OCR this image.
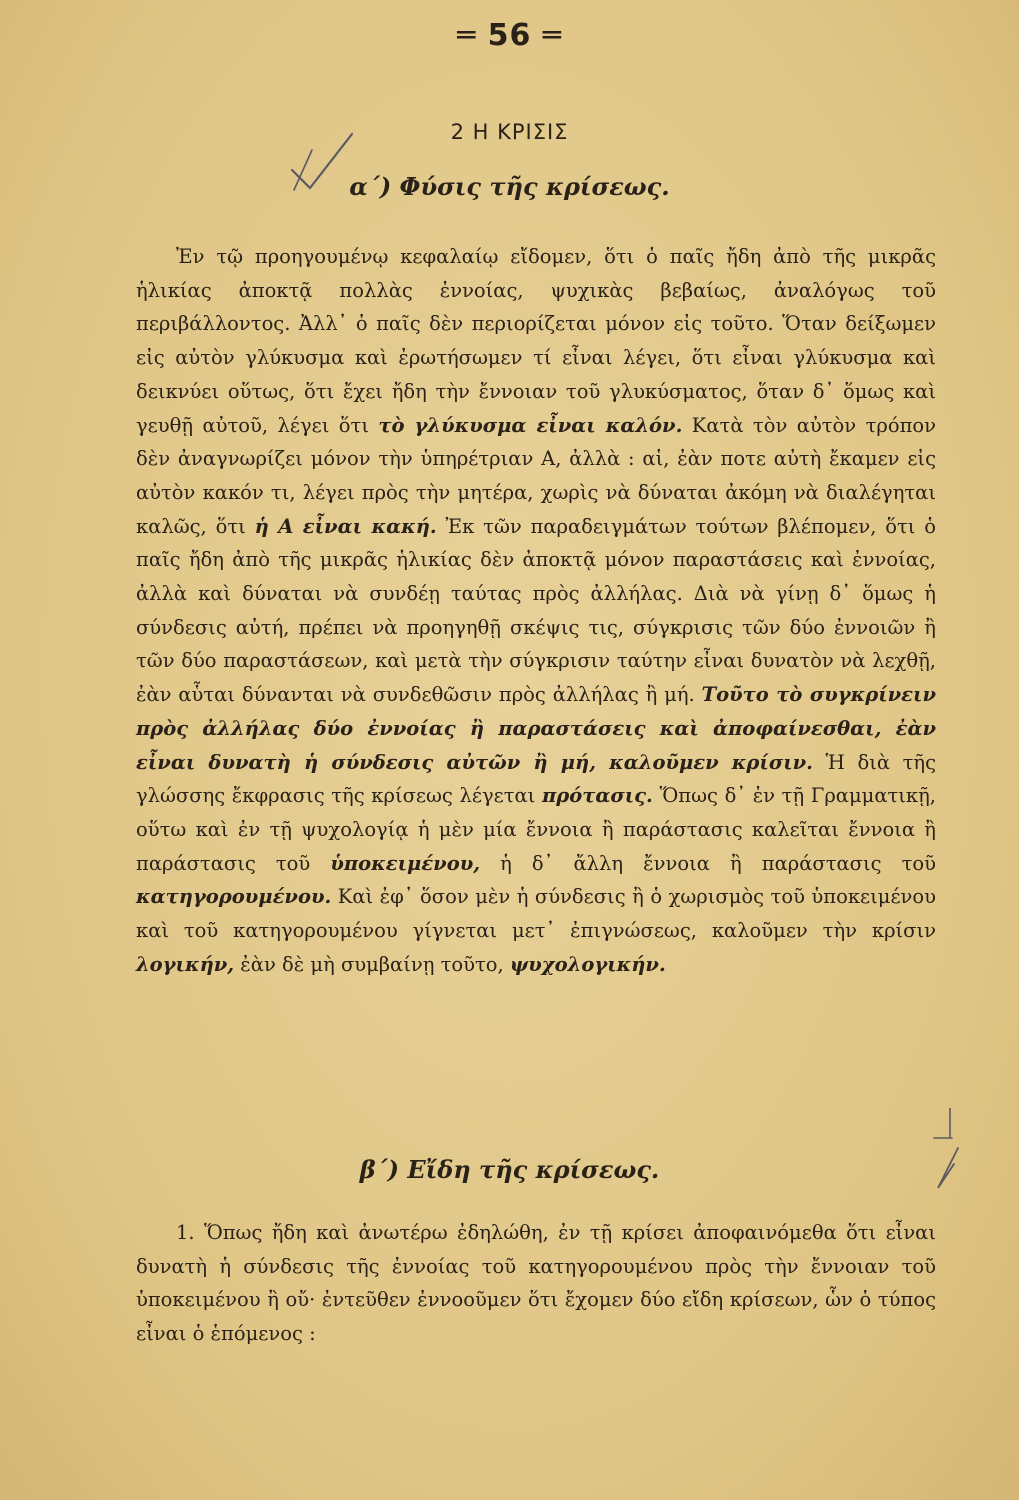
═ 56 ═
2 Η ΚΡΙΣΙΣ
α΄) Φύσις τῆς κρίσεως.

Ἐν τῷ προηγουμένῳ κεφαλαίῳ εἴδομεν, ὅτι ὁ παῖς ἤδη ἀπὸ τῆς μικρᾶς ἡλικίας ἀποκτᾷ πολλὰς ἐννοίας, ψυχικὰς βεβαίως, ἀναλόγως τοῦ περιβάλλοντος. Ἀλλ᾿ ὁ παῖς δὲν περιορίζεται μόνον εἰς τοῦτο. Ὅταν δείξωμεν εἰς αὐτὸν γλύκυσμα καὶ ἐρωτήσωμεν τί εἶναι λέγει, ὅτι εἶναι γλύκυσμα καὶ δεικνύει οὕτως, ὅτι ἔχει ἤδη τὴν ἔννοιαν τοῦ γλυκύσματος, ὅταν δ᾿ ὅμως καὶ γευθῇ αὐτοῦ, λέγει ὅτι τὸ γλύκυσμα εἶναι καλόν. Κατὰ τὸν αὐτὸν τρόπον δὲν ἀναγνωρίζει μόνον τὴν ὑπηρέτριαν Α, ἀλλὰ : αἱ, ἐὰν ποτε αὐτὴ ἔκαμεν εἰς αὐτὸν κακόν τι, λέγει πρὸς τὴν μητέρα, χωρὶς νὰ δύναται ἀκόμη νὰ διαλέγηται καλῶς, ὅτι ἡ Α εἶναι κακή. Ἐκ τῶν παραδειγμάτων τούτων βλέπομεν, ὅτι ὁ παῖς ἤδη ἀπὸ τῆς μικρᾶς ἡλικίας δὲν ἀποκτᾷ μόνον παραστάσεις καὶ ἐννοίας, ἀλλὰ καὶ δύναται νὰ συνδέῃ ταύτας πρὸς ἀλλήλας. Διὰ νὰ γίνῃ δ᾿ ὅμως ἡ σύνδεσις αὐτή, πρέπει νὰ προηγηθῇ σκέψις τις, σύγκρισις τῶν δύο ἐννοιῶν ἢ τῶν δύο παραστάσεων, καὶ μετὰ τὴν σύγκρισιν ταύτην εἶναι δυνατὸν νὰ λεχθῇ, ἐὰν αὗται δύνανται νὰ συνδεθῶσιν πρὸς ἀλλήλας ἢ μή. Τοῦτο τὸ συγκρίνειν πρὸς ἀλλήλας δύο ἐννοίας ἢ παραστάσεις καὶ ἀποφαίνεσθαι, ἐὰν εἶναι δυνατὴ ἡ σύνδεσις αὐτῶν ἢ μή, καλοῦμεν κρίσιν. Ἡ διὰ τῆς γλώσσης ἔκφρασις τῆς κρίσεως λέγεται πρότασις. Ὅπως δ᾿ ἐν τῇ Γραμματικῇ, οὕτω καὶ ἐν τῇ ψυχολογίᾳ ἡ μὲν μία ἔννοια ἢ παράστασις καλεῖται ἔννοια ἢ παράστασις τοῦ ὑποκειμένου, ἡ δ᾿ ἄλλη ἔννοια ἢ παράστασις τοῦ κατηγορουμένου. Καὶ ἐφ᾿ ὅσον μὲν ἡ σύνδεσις ἢ ὁ χωρισμὸς τοῦ ὑποκειμένου καὶ τοῦ κατηγορουμένου γίγνεται μετ᾿ ἐπιγνώσεως, καλοῦμεν τὴν κρίσιν λογικήν, ἐὰν δὲ μὴ συμβαίνῃ τοῦτο, ψυχολογικήν.

β΄) Εἴδη τῆς κρίσεως.

1. Ὅπως ἤδη καὶ ἀνωτέρω ἐδηλώθη, ἐν τῇ κρίσει ἀποφαινόμεθα ὅτι εἶναι δυνατὴ ἡ σύνδεσις τῆς ἐννοίας τοῦ κατηγορουμένου πρὸς τὴν ἔννοιαν τοῦ ὑποκειμένου ἢ οὔ· ἐντεῦθεν ἐννοοῦμεν ὅτι ἔχομεν δύο εἴδη κρίσεων, ὧν ὁ τύπος εἶναι ὁ ἑπόμενος :
